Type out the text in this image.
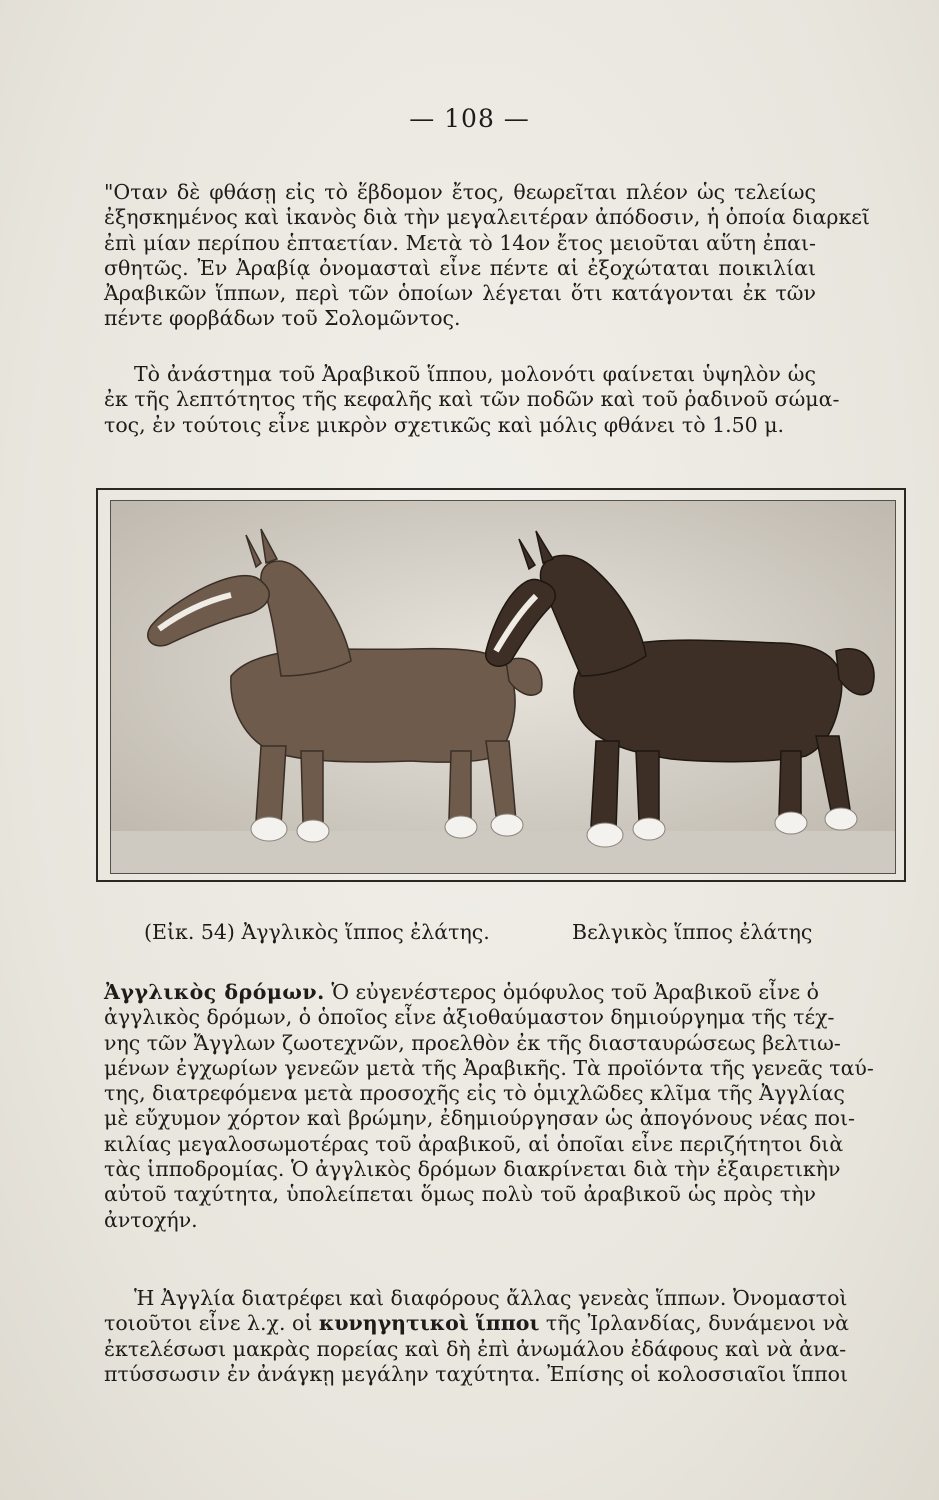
— 108 —
"Οταν δὲ φθάσῃ εἰς τὸ ἕβδομον ἔτος, θεωρεῖται πλέον ὡς τελείως
ἐξησκημένος καὶ ἱκανὸς διὰ τὴν μεγαλειτέραν ἀπόδοσιν, ἡ ὁποία διαρκεῖ
ἐπὶ μίαν περίπου ἑπταετίαν. Μετὰ τὸ 14ον ἔτος μειοῦται αὕτη ἐπαι-
σθητῶς. Ἐν Ἀραβίᾳ ὀνομασταὶ εἶνε πέντε αἱ ἐξοχώταται ποικιλίαι
Ἀραβικῶν ἵππων, περὶ τῶν ὁποίων λέγεται ὅτι κατάγονται ἐκ τῶν
πέντε φορβάδων τοῦ Σολομῶντος.
Τὸ ἀνάστημα τοῦ Ἀραβικοῦ ἵππου, μολονότι φαίνεται ὑψηλὸν ὡς
ἐκ τῆς λεπτότητος τῆς κεφαλῆς καὶ τῶν ποδῶν καὶ τοῦ ῥαδινοῦ σώμα-
τος, ἐν τούτοις εἶνε μικρὸν σχετικῶς καὶ μόλις φθάνει τὸ 1.50 μ.
(Εἰκ. 54) Ἀγγλικὸς ἵππος ἐλάτης.	Βελγικὸς ἵππος ἐλάτης
Ἀγγλικὸς δρόμων. Ὁ εὐγενέστερος ὁμόφυλος τοῦ Ἀραβικοῦ εἶνε ὁ
ἀγγλικὸς δρόμων, ὁ ὁποῖος εἶνε ἀξιοθαύμαστον δημιούργημα τῆς τέχ-
νης τῶν Ἄγγλων ζωοτεχνῶν, προελθὸν ἐκ τῆς διασταυρώσεως βελτιω-
μένων ἐγχωρίων γενεῶν μετὰ τῆς Ἀραβικῆς. Τὰ προϊόντα τῆς γενεᾶς ταύ-
της, διατρεφόμενα μετὰ προσοχῆς εἰς τὸ ὁμιχλῶδες κλῖμα τῆς Ἀγγλίας
μὲ εὔχυμον χόρτον καὶ βρώμην, ἐδημιούργησαν ὡς ἀπογόνους νέας ποι-
κιλίας μεγαλοσωμοτέρας τοῦ ἀραβικοῦ, αἱ ὁποῖαι εἶνε περιζήτητοι διὰ
τὰς ἱπποδρομίας. Ὁ ἀγγλικὸς δρόμων διακρίνεται διὰ τὴν ἐξαιρετικὴν
αὐτοῦ ταχύτητα, ὑπολείπεται ὅμως πολὺ τοῦ ἀραβικοῦ ὡς πρὸς τὴν
ἀντοχήν.
Ἡ Ἀγγλία διατρέφει καὶ διαφόρους ἄλλας γενεὰς ἵππων. Ὀνομαστοὶ
τοιοῦτοι εἶνε λ.χ. οἱ κυνηγητικοὶ ἵπποι τῆς Ἰρλανδίας, δυνάμενοι νὰ
ἐκτελέσωσι μακρὰς πορείας καὶ δὴ ἐπὶ ἀνωμάλου ἐδάφους καὶ νὰ ἀνα-
πτύσσωσιν ἐν ἀνάγκῃ μεγάλην ταχύτητα. Ἐπίσης οἱ κολοσσιαῖοι ἵπποι
